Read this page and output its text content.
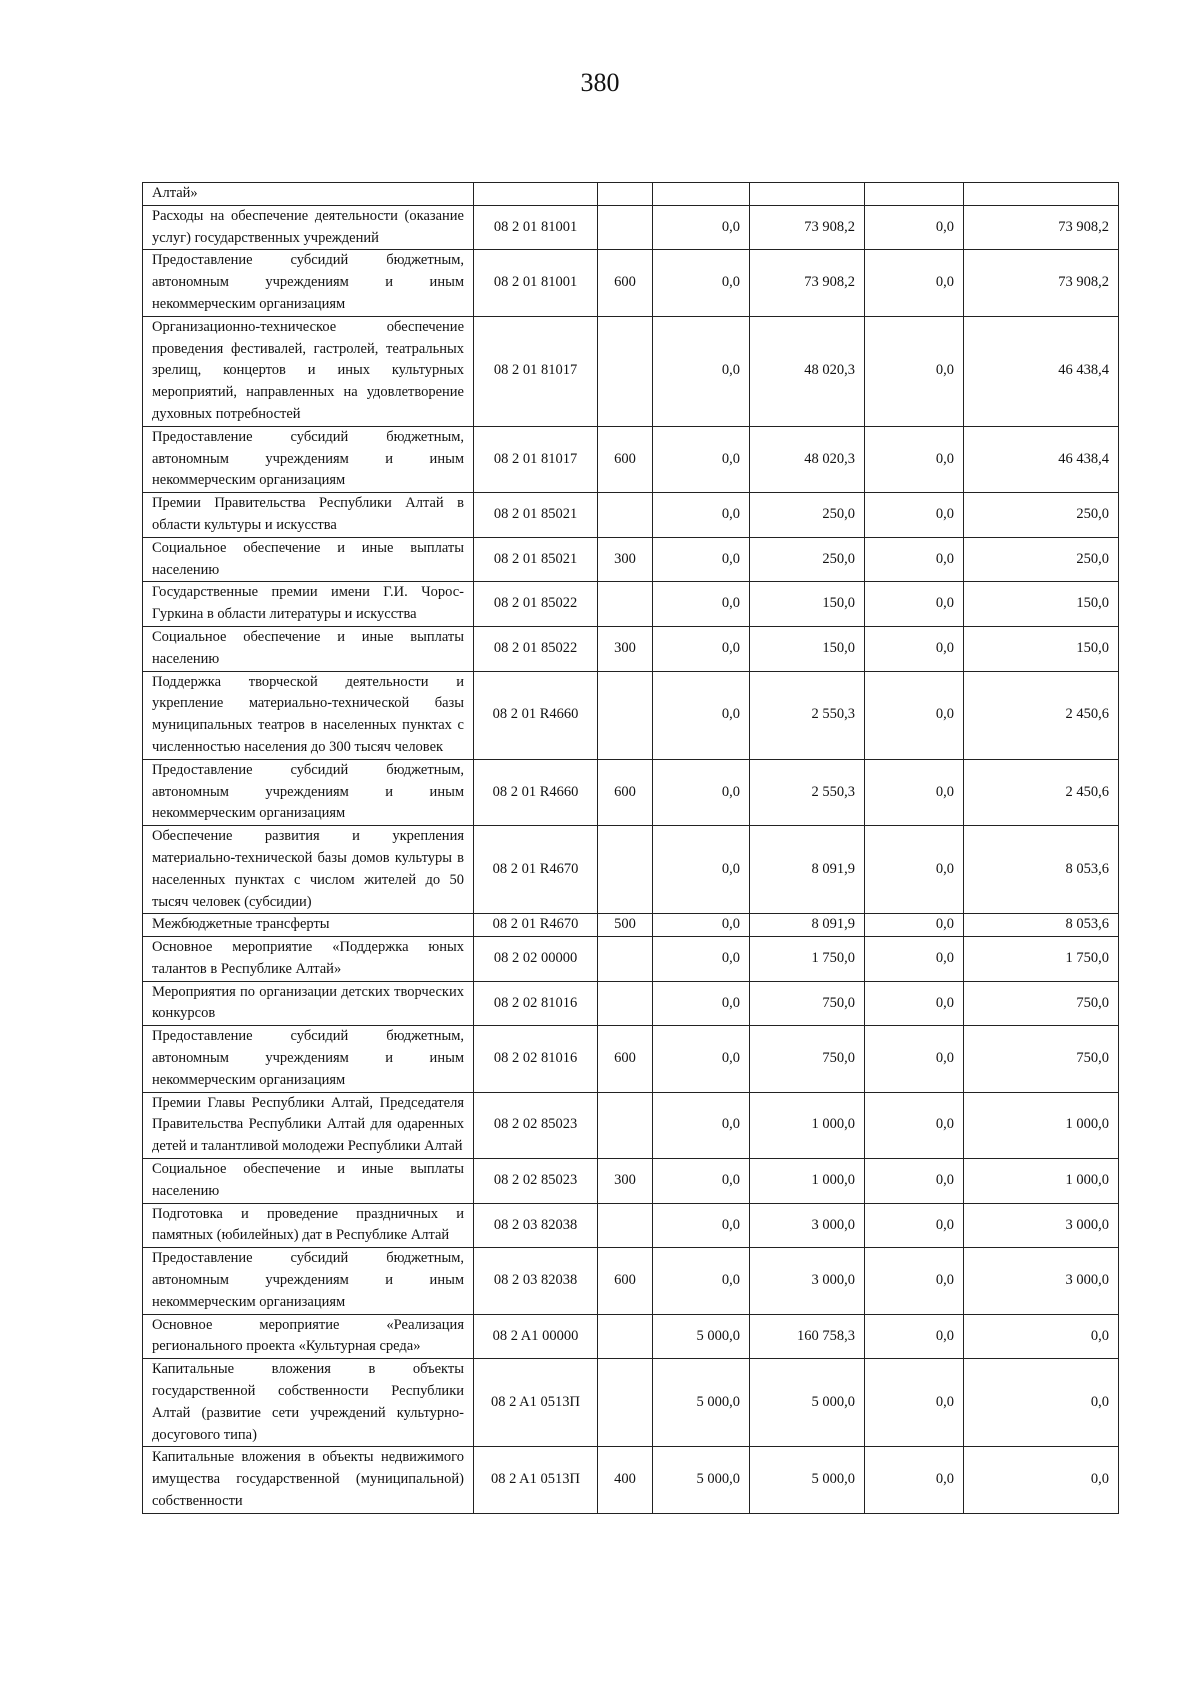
380
Алтай»						
Расходы на обеспечение деятельности (оказание услуг) государственных учреждений	08 2 01 81001		0,0	73 908,2	0,0	73 908,2
Предоставление субсидий бюджетным, автономным учреждениям и иным некоммерческим организациям	08 2 01 81001	600	0,0	73 908,2	0,0	73 908,2
Организационно-техническое обеспечение проведения фестивалей, гастролей, театральных зрелищ, концертов и иных культурных мероприятий, направленных на удовлетворение духовных потребностей	08 2 01 81017		0,0	48 020,3	0,0	46 438,4
Предоставление субсидий бюджетным, автономным учреждениям и иным некоммерческим организациям	08 2 01 81017	600	0,0	48 020,3	0,0	46 438,4
Премии Правительства Республики Алтай в области культуры и искусства	08 2 01 85021		0,0	250,0	0,0	250,0
Социальное обеспечение и иные выплаты населению	08 2 01 85021	300	0,0	250,0	0,0	250,0
Государственные премии имени Г.И. Чорос-Гуркина в области литературы и искусства	08 2 01 85022		0,0	150,0	0,0	150,0
Социальное обеспечение и иные выплаты населению	08 2 01 85022	300	0,0	150,0	0,0	150,0
Поддержка творческой деятельности и укрепление материально-технической базы муниципальных театров в населенных пунктах с численностью населения до 300 тысяч человек	08 2 01 R4660		0,0	2 550,3	0,0	2 450,6
Предоставление субсидий бюджетным, автономным учреждениям и иным некоммерческим организациям	08 2 01 R4660	600	0,0	2 550,3	0,0	2 450,6
Обеспечение развития и укрепления материально-технической базы домов культуры в населенных пунктах с числом жителей до 50 тысяч человек (субсидии)	08 2 01 R4670		0,0	8 091,9	0,0	8 053,6
Межбюджетные трансферты	08 2 01 R4670	500	0,0	8 091,9	0,0	8 053,6
Основное мероприятие «Поддержка юных талантов в Республике Алтай»	08 2 02 00000		0,0	1 750,0	0,0	1 750,0
Мероприятия по организации детских творческих конкурсов	08 2 02 81016		0,0	750,0	0,0	750,0
Предоставление субсидий бюджетным, автономным учреждениям и иным некоммерческим организациям	08 2 02 81016	600	0,0	750,0	0,0	750,0
Премии Главы Республики Алтай, Председателя Правительства Республики Алтай для одаренных детей и талантливой молодежи Республики Алтай	08 2 02 85023		0,0	1 000,0	0,0	1 000,0
Социальное обеспечение и иные выплаты населению	08 2 02 85023	300	0,0	1 000,0	0,0	1 000,0
Подготовка и проведение праздничных и памятных (юбилейных) дат в Республике Алтай	08 2 03 82038		0,0	3 000,0	0,0	3 000,0
Предоставление субсидий бюджетным, автономным учреждениям и иным некоммерческим организациям	08 2 03 82038	600	0,0	3 000,0	0,0	3 000,0
Основное мероприятие «Реализация регионального проекта «Культурная среда»	08 2 A1 00000		5 000,0	160 758,3	0,0	0,0
Капитальные вложения в объекты государственной собственности Республики Алтай (развитие сети учреждений культурно-досугового типа)	08 2 A1 0513П		5 000,0	5 000,0	0,0	0,0
Капитальные вложения в объекты недвижимого имущества государственной (муниципальной) собственности	08 2 A1 0513П	400	5 000,0	5 000,0	0,0	0,0
